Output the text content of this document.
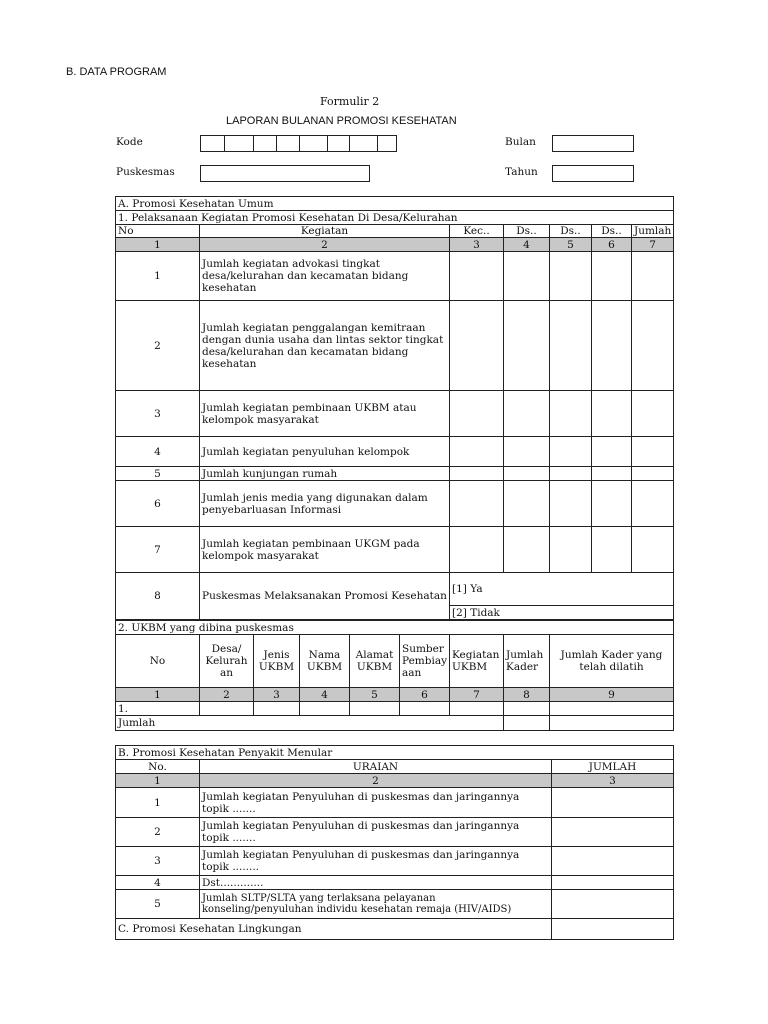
B. DATA PROGRAM
Formulir 2
LAPORAN BULANAN PROMOSI KESEHATAN
Kode
Puskesmas
Bulan
Tahun
A. Promosi Kesehatan Umum						
1. Pelaksanaan Kegiatan Promosi Kesehatan Di Desa/Kelurahan						
No	Kegiatan	Kec..	Ds..	Ds..	Ds..	Jumlah
1	2	3	4	5	6	7
1	Jumlah kegiatan advokasi tingkat desa/kelurahan dan kecamatan bidang kesehatan					
2	Jumlah kegiatan penggalangan kemitraan dengan dunia usaha dan lintas sektor tingkat desa/kelurahan dan kecamatan bidang kesehatan					
3	Jumlah kegiatan pembinaan UKBM atau kelompok masyarakat					
4	Jumlah kegiatan penyuluhan kelompok					
5	Jumlah kunjungan rumah					
6	Jumlah jenis media yang digunakan dalam penyebarluasan Informasi					
7	Jumlah kegiatan pembinaan UKGM pada kelompok masyarakat					
8	Puskesmas Melaksanakan Promosi Kesehatan	[1] Ya				
		[2] Tidak				
2. UKBM yang dibina puskesmas								
No	Desa/ Kelurah an	Jenis UKBM	Nama UKBM	Alamat UKBM	Sumber Pembiay aan	Kegiatan UKBM	Jumlah Kader	Jumlah Kader yang telah dilatih
1	2	3	4	5	6	7	8	9
1.								
Jumlah								
B. Promosi Kesehatan Penyakit Menular		
No.	URAIAN	JUMLAH
1	2	3
1	Jumlah kegiatan Penyuluhan di puskesmas dan jaringannya topik .......	
2	Jumlah kegiatan Penyuluhan di puskesmas dan jaringannya topik .......	
3	Jumlah kegiatan Penyuluhan di puskesmas dan jaringannya topik ........	
4	Dst.............	
5	Jumlah SLTP/SLTA yang terlaksana pelayanan konseling/penyuluhan individu kesehatan remaja (HIV/AIDS)	
C. Promosi Kesehatan Lingkungan		
